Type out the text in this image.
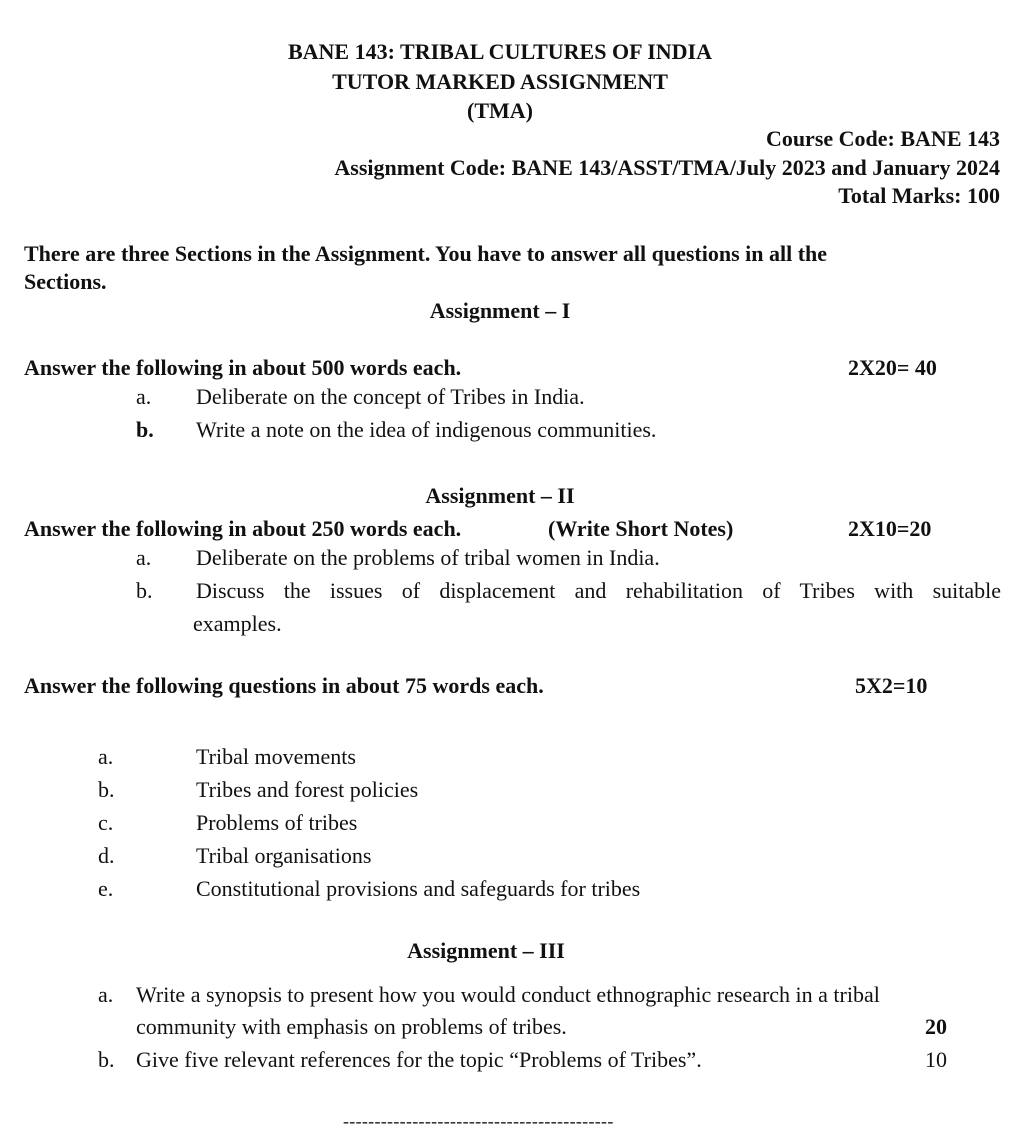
BANE 143: TRIBAL CULTURES OF INDIA
TUTOR MARKED ASSIGNMENT
(TMA)
Course Code: BANE 143
Assignment Code: BANE 143/ASST/TMA/July 2023 and January 2024
Total Marks: 100
There are three Sections in the Assignment. You have to answer all questions in all the
Sections.
Assignment – I
Answer the following in about 500 words each.	2X20= 40
a.	Deliberate on the concept of Tribes in India.
b.	Write a note on the idea of indigenous communities.
Assignment – II
Answer the following in about 250 words each.	(Write Short Notes)	2X10=20
a.	Deliberate on the problems of tribal women in India.
b.	Discuss the issues of displacement and rehabilitation of Tribes with suitable
examples.
Answer the following questions in about 75 words each.	5X2=10
a.	Tribal movements
b.	Tribes and forest policies
c.	Problems of tribes
d.	Tribal organisations
e.	Constitutional provisions and safeguards for tribes
Assignment – III
a.	Write a synopsis to present how you would conduct ethnographic research in a tribal
community with emphasis on problems of tribes.	20
b. Give five relevant references for the topic “Problems of Tribes”.	10
-------------------------------------------
